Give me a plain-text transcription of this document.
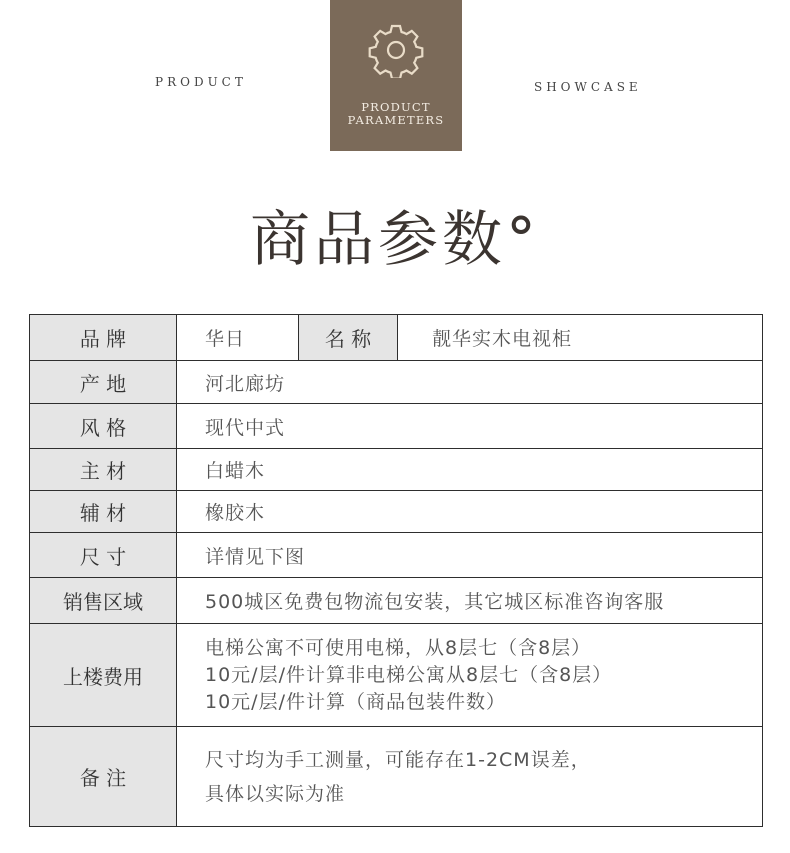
PRODUCT	SHOWCASE
PRODUCT
PARAMETERS
商品参数°
品 牌	华日	名 称	靓华实木电视柜
产 地	河北廊坊		
风 格	现代中式		
主 材	白蜡木		
辅 材	橡胶木		
尺 寸	详情见下图		
销售区域	500城区免费包物流包安装，其它城区标准咨询客服		
上楼费用	电梯公寓不可使用电梯，从8层七（含8层）
10元/层/件计算非电梯公寓从8层七（含8层）
10元/层/件计算（商品包装件数）		

备 注	尺寸均为手工测量，可能存在1-2CM误差，
具体以实际为准		
